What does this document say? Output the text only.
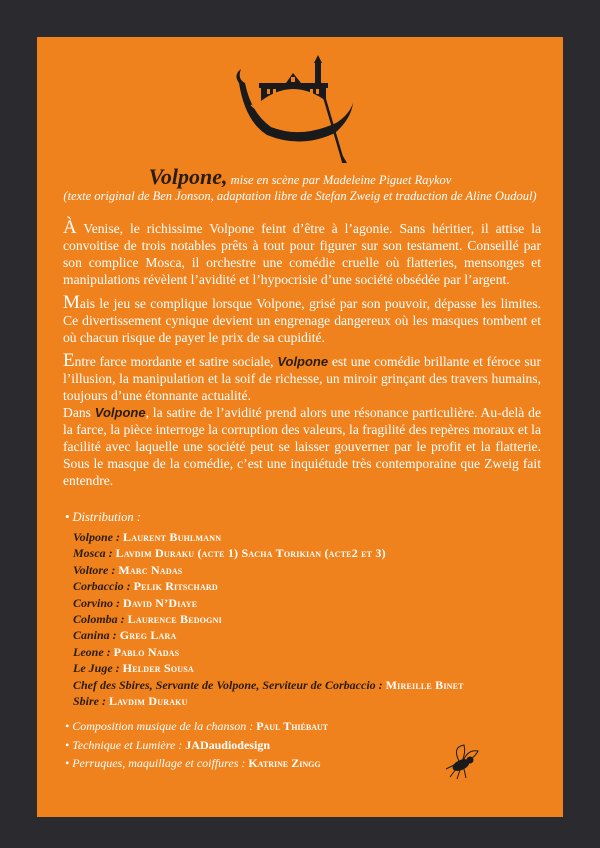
Volpone, mise en scène par Madeleine Piguet Raykov
(texte original de Ben Jonson, adaptation libre de Stefan Zweig et traduction de Aline Oudoul)

À Venise, le richissime Volpone feint d’être à l’agonie. Sans héritier, il attise la convoitise de trois notables prêts à tout pour figurer sur son testament. Conseillé par son complice Mosca, il orchestre une comédie cruelle où flatteries, mensonges et manipulations révèlent l’avidité et l’hypocrisie d’une société obsédée par l’argent.

Mais le jeu se complique lorsque Volpone, grisé par son pouvoir, dépasse les limites. Ce divertissement cynique devient un engrenage dangereux où les masques tombent et où chacun risque de payer le prix de sa cupidité.

Entre farce mordante et satire sociale, Volpone est une comédie brillante et féroce sur l’illusion, la manipulation et la soif de richesse, un miroir grinçant des travers humains, toujours d’une étonnante actualité.

Dans Volpone, la satire de l’avidité prend alors une résonance particulière. Au-delà de la farce, la pièce interroge la corruption des valeurs, la fragilité des repères moraux et la facilité avec laquelle une société peut se laisser gouverner par le profit et la flatterie. Sous le masque de la comédie, c’est une inquiétude très contemporaine que Zweig fait entendre.

• Distribution :
Volpone : Laurent Buhlmann
Mosca : Lavdim Duraku (acte 1) Sacha Torikian (acte2 et 3)
Voltore : Marc Nadas
Corbaccio : Pelik Ritschard
Corvino : David N’Diaye
Colomba : Laurence Bedogni
Canina : Greg Lara
Leone : Pablo Nadas
Le Juge : Helder Sousa
Chef des Sbires, Servante de Volpone, Serviteur de Corbaccio : Mireille Binet
Sbire : Lavdim Duraku
• Composition musique de la chanson : Paul Thiébaut
• Technique et Lumière : JADaudiodesign
• Perruques, maquillage et coiffures : Katrine Zingg
